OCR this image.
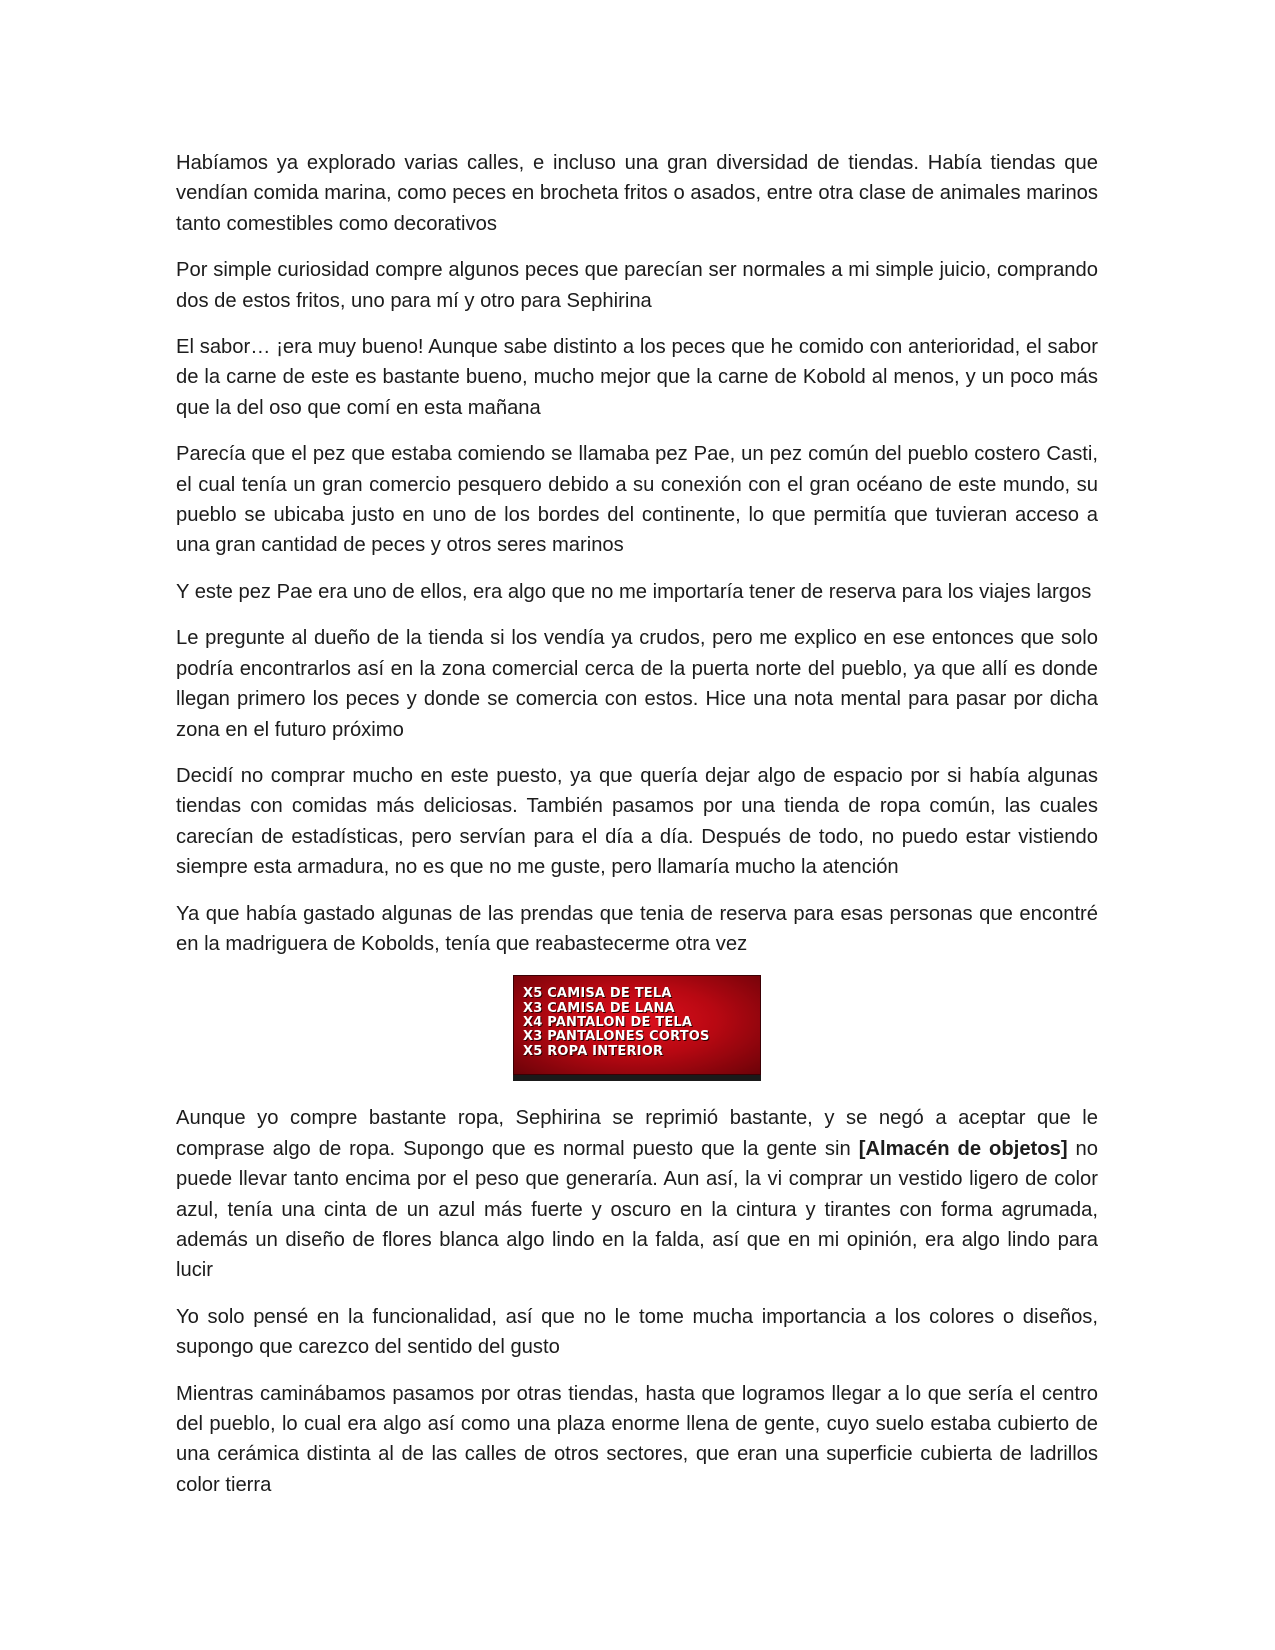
Habíamos ya explorado varias calles, e incluso una gran diversidad de tiendas. Había tiendas que vendían comida marina, como peces en brocheta fritos o asados, entre otra clase de animales marinos tanto comestibles como decorativos

Por simple curiosidad compre algunos peces que parecían ser normales a mi simple juicio, comprando dos de estos fritos, uno para mí y otro para Sephirina

El sabor… ¡era muy bueno! Aunque sabe distinto a los peces que he comido con anterioridad, el sabor de la carne de este es bastante bueno, mucho mejor que la carne de Kobold al menos, y un poco más que la del oso que comí en esta mañana

Parecía que el pez que estaba comiendo se llamaba pez Pae, un pez común del pueblo costero Casti, el cual tenía un gran comercio pesquero debido a su conexión con el gran océano de este mundo, su pueblo se ubicaba justo en uno de los bordes del continente, lo que permitía que tuvieran acceso a una gran cantidad de peces y otros seres marinos

Y este pez Pae era uno de ellos, era algo que no me importaría tener de reserva para los viajes largos

Le pregunte al dueño de la tienda si los vendía ya crudos, pero me explico en ese entonces que solo podría encontrarlos así en la zona comercial cerca de la puerta norte del pueblo, ya que allí es donde llegan primero los peces y donde se comercia con estos. Hice una nota mental para pasar por dicha zona en el futuro próximo

Decidí no comprar mucho en este puesto, ya que quería dejar algo de espacio por si había algunas tiendas con comidas más deliciosas. También pasamos por una tienda de ropa común, las cuales carecían de estadísticas, pero servían para el día a día. Después de todo, no puedo estar vistiendo siempre esta armadura, no es que no me guste, pero llamaría mucho la atención

Ya que había gastado algunas de las prendas que tenia de reserva para esas personas que encontré en la madriguera de Kobolds, tenía que reabastecerme otra vez

X5 CAMISA DE TELA
X3 CAMISA DE LANA
X4 PANTALON DE TELA
X3 PANTALONES CORTOS
X5 ROPA INTERIOR

Aunque yo compre bastante ropa, Sephirina se reprimió bastante, y se negó a aceptar que le comprase algo de ropa. Supongo que es normal puesto que la gente sin [Almacén de objetos] no puede llevar tanto encima por el peso que generaría. Aun así, la vi comprar un vestido ligero de color azul, tenía una cinta de un azul más fuerte y oscuro en la cintura y tirantes con forma agrumada, además un diseño de flores blanca algo lindo en la falda, así que en mi opinión, era algo lindo para lucir

Yo solo pensé en la funcionalidad, así que no le tome mucha importancia a los colores o diseños, supongo que carezco del sentido del gusto

Mientras caminábamos pasamos por otras tiendas, hasta que logramos llegar a lo que sería el centro del pueblo, lo cual era algo así como una plaza enorme llena de gente, cuyo suelo estaba cubierto de una cerámica distinta al de las calles de otros sectores, que eran una superficie cubierta de ladrillos color tierra
